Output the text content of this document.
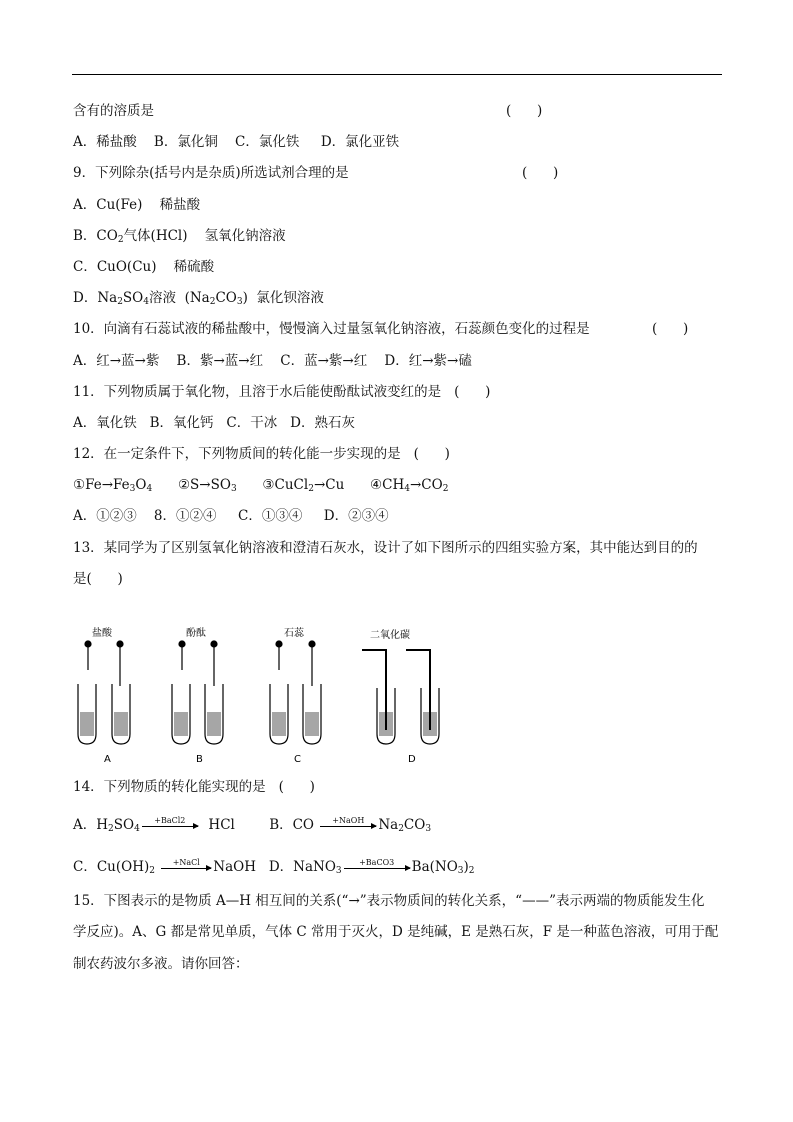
含有的溶质是	(      )
A．稀盐酸 B．氯化铜 C．氯化铁 D．氯化亚铁
9．下列除杂(括号内是杂质)所选试剂合理的是	(      )
A．Cu(Fe)    稀盐酸
B．$CO_2$气体(HCl)    氢氧化钠溶液
C．CuO(Cu)    稀硫酸
D．$Na_2SO_4$溶液  $(Na_2CO_3)$  氯化钡溶液
10．向滴有石蕊试液的稀盐酸中，慢慢滴入过量氢氧化钠溶液，石蕊颜色变化的过程是	(      )
A．红→蓝→紫 B．紫→蓝→红 C．蓝→紫→红 D．红→紫→磕
11．下列物质属于氧化物，且溶于水后能使酚酞试液变红的是 (      )
A．氧化铁 B．氧化钙 C．干冰 D．熟石灰
12．在一定条件下，下列物质间的转化能一步实现的是 (      )
$①Fe\to Fe_3O_4$ $②S\to SO_3$ ③CuCl$_2$→Cu $④CH_4\to CO_2$
A．①②③ 8．①②④ C．①③④ D．②③④
13．某同学为了区别氢氧化钠溶液和澄清石灰水，设计了如下图所示的四组实验方案，其中能达到目的的
是(      )
盐酸	酚酞	石蕊	二氧化碳
A	B	C	D
14．下列物质的转化能实现的是 (      )
A．$H_2SO_4$
+BaCl2	HCl	B．CO	+NaOH	$Na_2CO_3$
C．$Cu(OH)_2$
+NaCl NaOH D．NaNO$_3$
+BaCO3	$Ba(NO_3)_2$
15．下图表示的是物质 A—H 相互间的关系(“→”表示物质间的转化关系，“——”表示两端的物质能发生化
学反应)。A、G 都是常见单质，气体 C 常用于灭火，D 是纯碱，E 是熟石灰，F 是一种蓝色溶液，可用于配
制农药波尔多液。请你回答：
